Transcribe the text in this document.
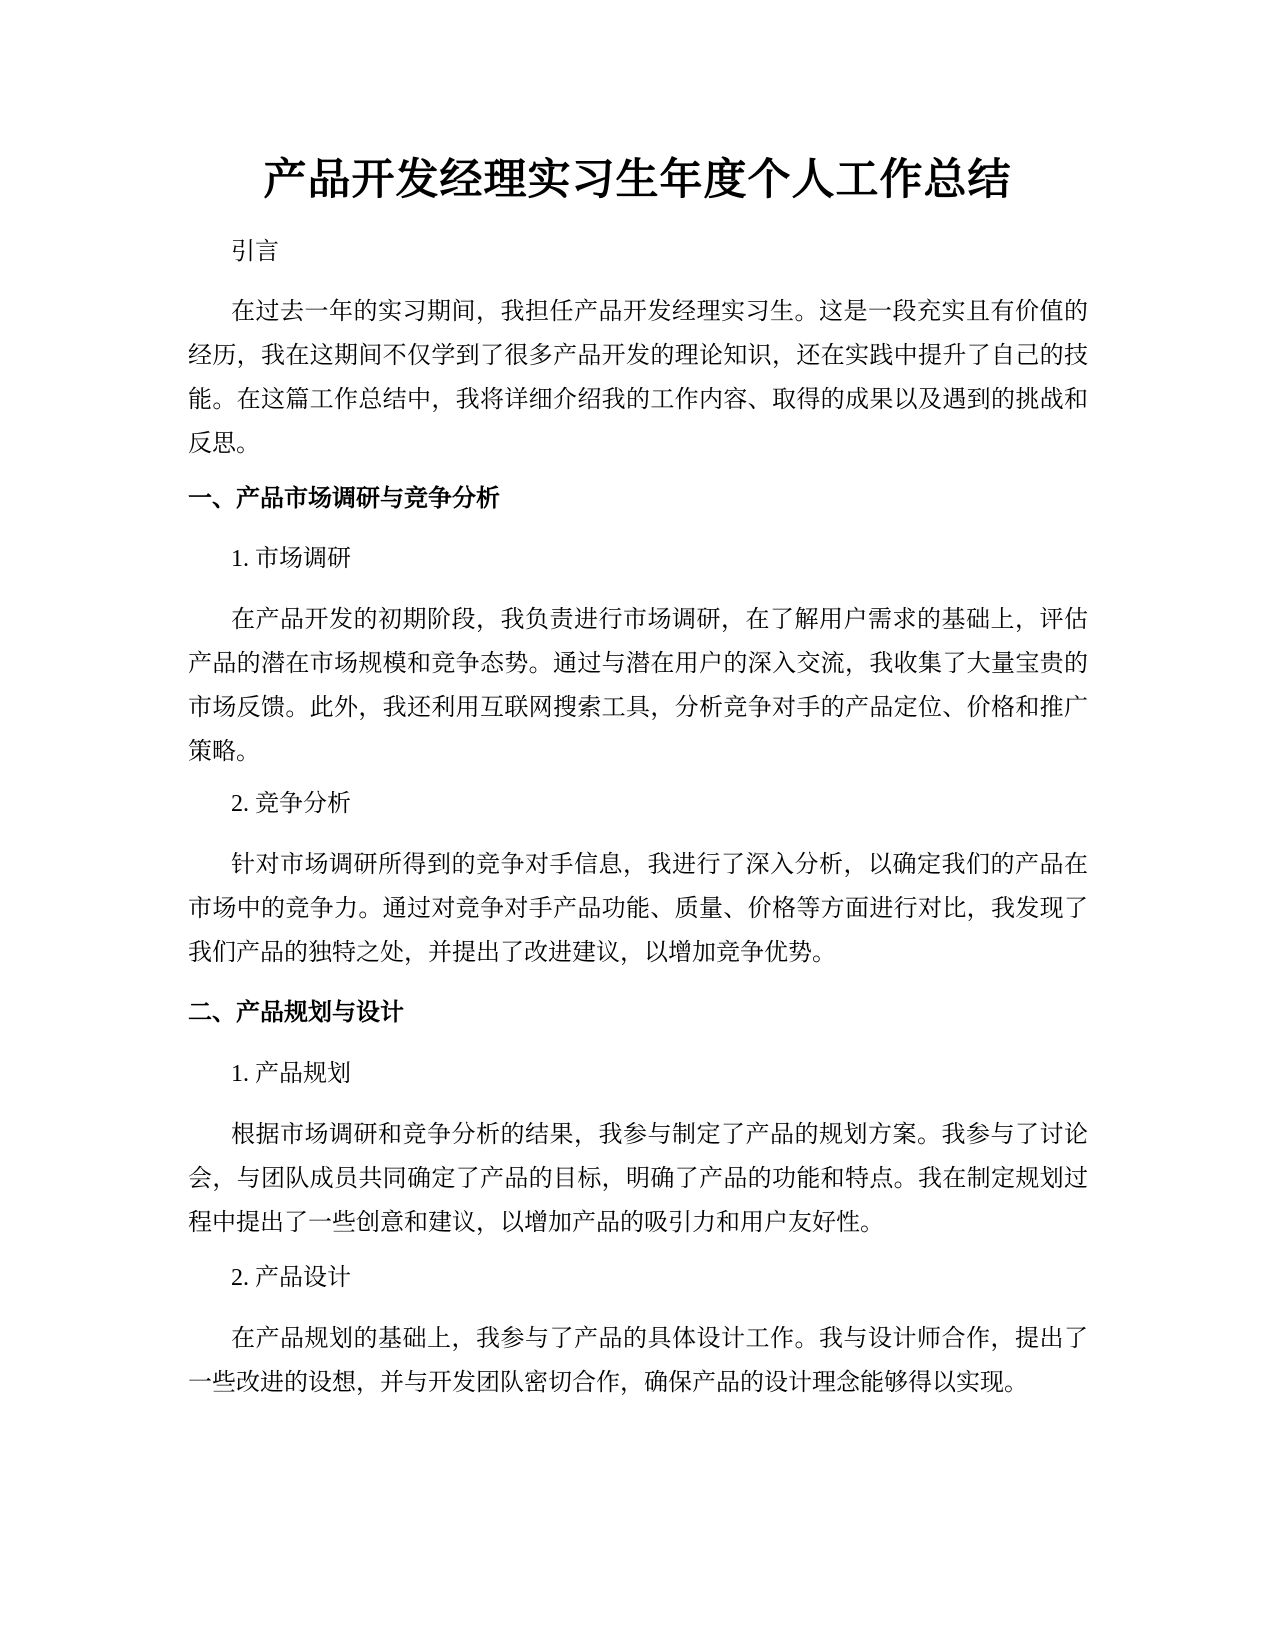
产品开发经理实习生年度个人工作总结

引言

在过去一年的实习期间，我担任产品开发经理实习生。这是一段充实且有价值的经历，我在这期间不仅学到了很多产品开发的理论知识，还在实践中提升了自己的技能。在这篇工作总结中，我将详细介绍我的工作内容、取得的成果以及遇到的挑战和反思。

一、产品市场调研与竞争分析

1. 市场调研

在产品开发的初期阶段，我负责进行市场调研，在了解用户需求的基础上，评估产品的潜在市场规模和竞争态势。通过与潜在用户的深入交流，我收集了大量宝贵的市场反馈。此外，我还利用互联网搜索工具，分析竞争对手的产品定位、价格和推广策略。

2. 竞争分析

针对市场调研所得到的竞争对手信息，我进行了深入分析，以确定我们的产品在市场中的竞争力。通过对竞争对手产品功能、质量、价格等方面进行对比，我发现了我们产品的独特之处，并提出了改进建议，以增加竞争优势。

二、产品规划与设计

1. 产品规划

根据市场调研和竞争分析的结果，我参与制定了产品的规划方案。我参与了讨论会，与团队成员共同确定了产品的目标，明确了产品的功能和特点。我在制定规划过程中提出了一些创意和建议，以增加产品的吸引力和用户友好性。

2. 产品设计

在产品规划的基础上，我参与了产品的具体设计工作。我与设计师合作，提出了一些改进的设想，并与开发团队密切合作，确保产品的设计理念能够得以实现。
